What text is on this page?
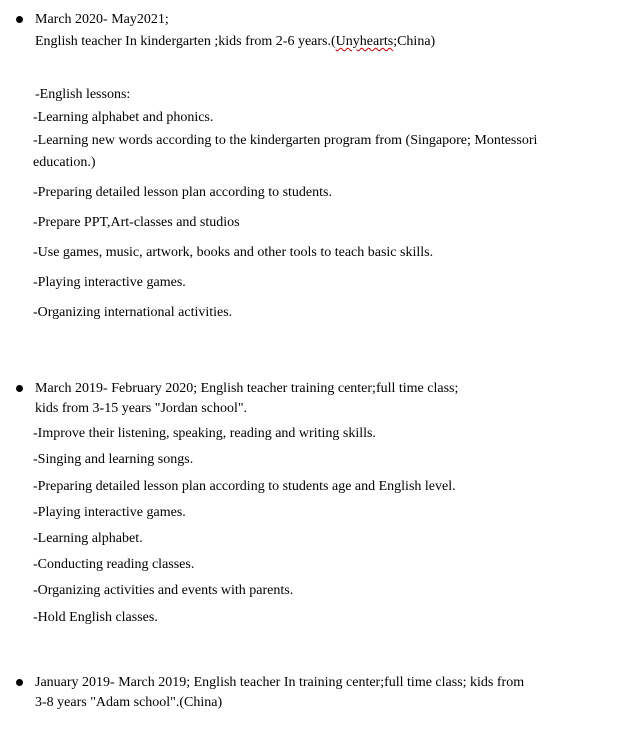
March 2020- May2021;
English teacher In kindergarten ;kids from 2-6 years.(Unyhearts;China)
-English lessons:
-Learning alphabet and phonics.
-Learning new words according to the kindergarten program from (Singapore; Montessori
education.)
-Preparing detailed lesson plan according to students.
-Prepare PPT,Art-classes and studios
-Use games, music, artwork, books and other tools to teach basic skills.
-Playing interactive games.
-Organizing international activities.
March 2019- February 2020; English teacher training center;full time class;
kids from 3-15 years "Jordan school".
-Improve their listening, speaking, reading and writing skills.
-Singing and learning songs.
-Preparing detailed lesson plan according to students age and English level.
-Playing interactive games.
-Learning alphabet.
-Conducting reading classes.
-Organizing activities and events with parents.
-Hold English classes.
January 2019- March 2019; English teacher In training center;full time class; kids from
3-8 years "Adam school".(China)
